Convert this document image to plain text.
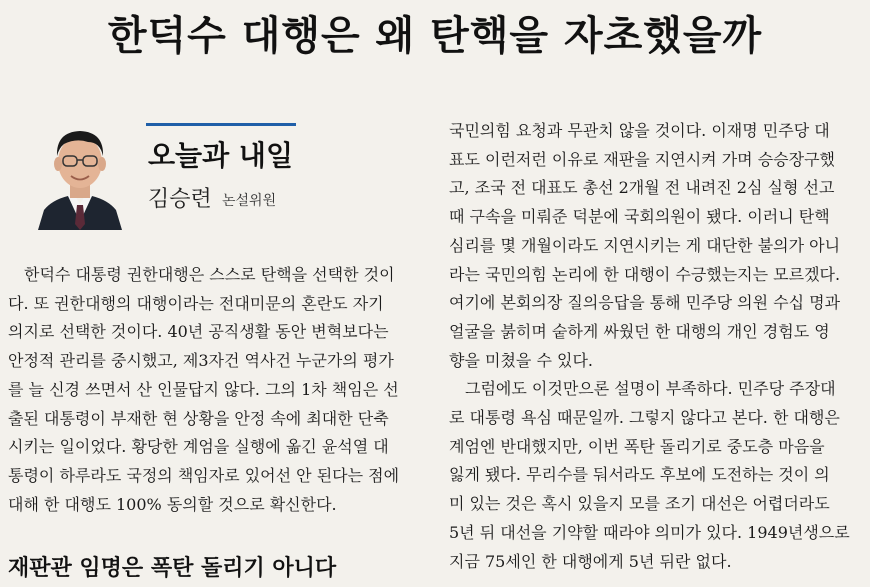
한덕수 대행은 왜 탄핵을 자초했을까
오늘과 내일
김승련 논설위원

한덕수 대통령 권한대행은 스스로 탄핵을 선택한 것이
다. 또 권한대행의 대행이라는 전대미문의 혼란도 자기
의지로 선택한 것이다. 40년 공직생활 동안 변혁보다는
안정적 관리를 중시했고, 제3자건 역사건 누군가의 평가
를 늘 신경 쓰면서 산 인물답지 않다. 그의 1차 책임은 선
출된 대통령이 부재한 현 상황을 안정 속에 최대한 단축
시키는 일이었다. 황당한 계엄을 실행에 옮긴 윤석열 대
통령이 하루라도 국정의 책임자로 있어선 안 된다는 점에
대해 한 대행도 100% 동의할 것으로 확신한다.

재판관 임명은 폭탄 돌리기 아니다

국민의힘 요청과 무관치 않을 것이다. 이재명 민주당 대
표도 이런저런 이유로 재판을 지연시켜 가며 승승장구했
고, 조국 전 대표도 총선 2개월 전 내려진 2심 실형 선고
때 구속을 미뤄준 덕분에 국회의원이 됐다. 이러니 탄핵
심리를 몇 개월이라도 지연시키는 게 대단한 불의가 아니
라는 국민의힘 논리에 한 대행이 수긍했는지는 모르겠다.
여기에 본회의장 질의응답을 통해 민주당 의원 수십 명과
얼굴을 붉히며 숱하게 싸웠던 한 대행의 개인 경험도 영
향을 미쳤을 수 있다.

그럼에도 이것만으론 설명이 부족하다. 민주당 주장대
로 대통령 욕심 때문일까. 그렇지 않다고 본다. 한 대행은
계엄엔 반대했지만, 이번 폭탄 돌리기로 중도층 마음을
잃게 됐다. 무리수를 둬서라도 후보에 도전하는 것이 의
미 있는 것은 혹시 있을지 모를 조기 대선은 어렵더라도
5년 뒤 대선을 기약할 때라야 의미가 있다. 1949년생으로
지금 75세인 한 대행에게 5년 뒤란 없다.
